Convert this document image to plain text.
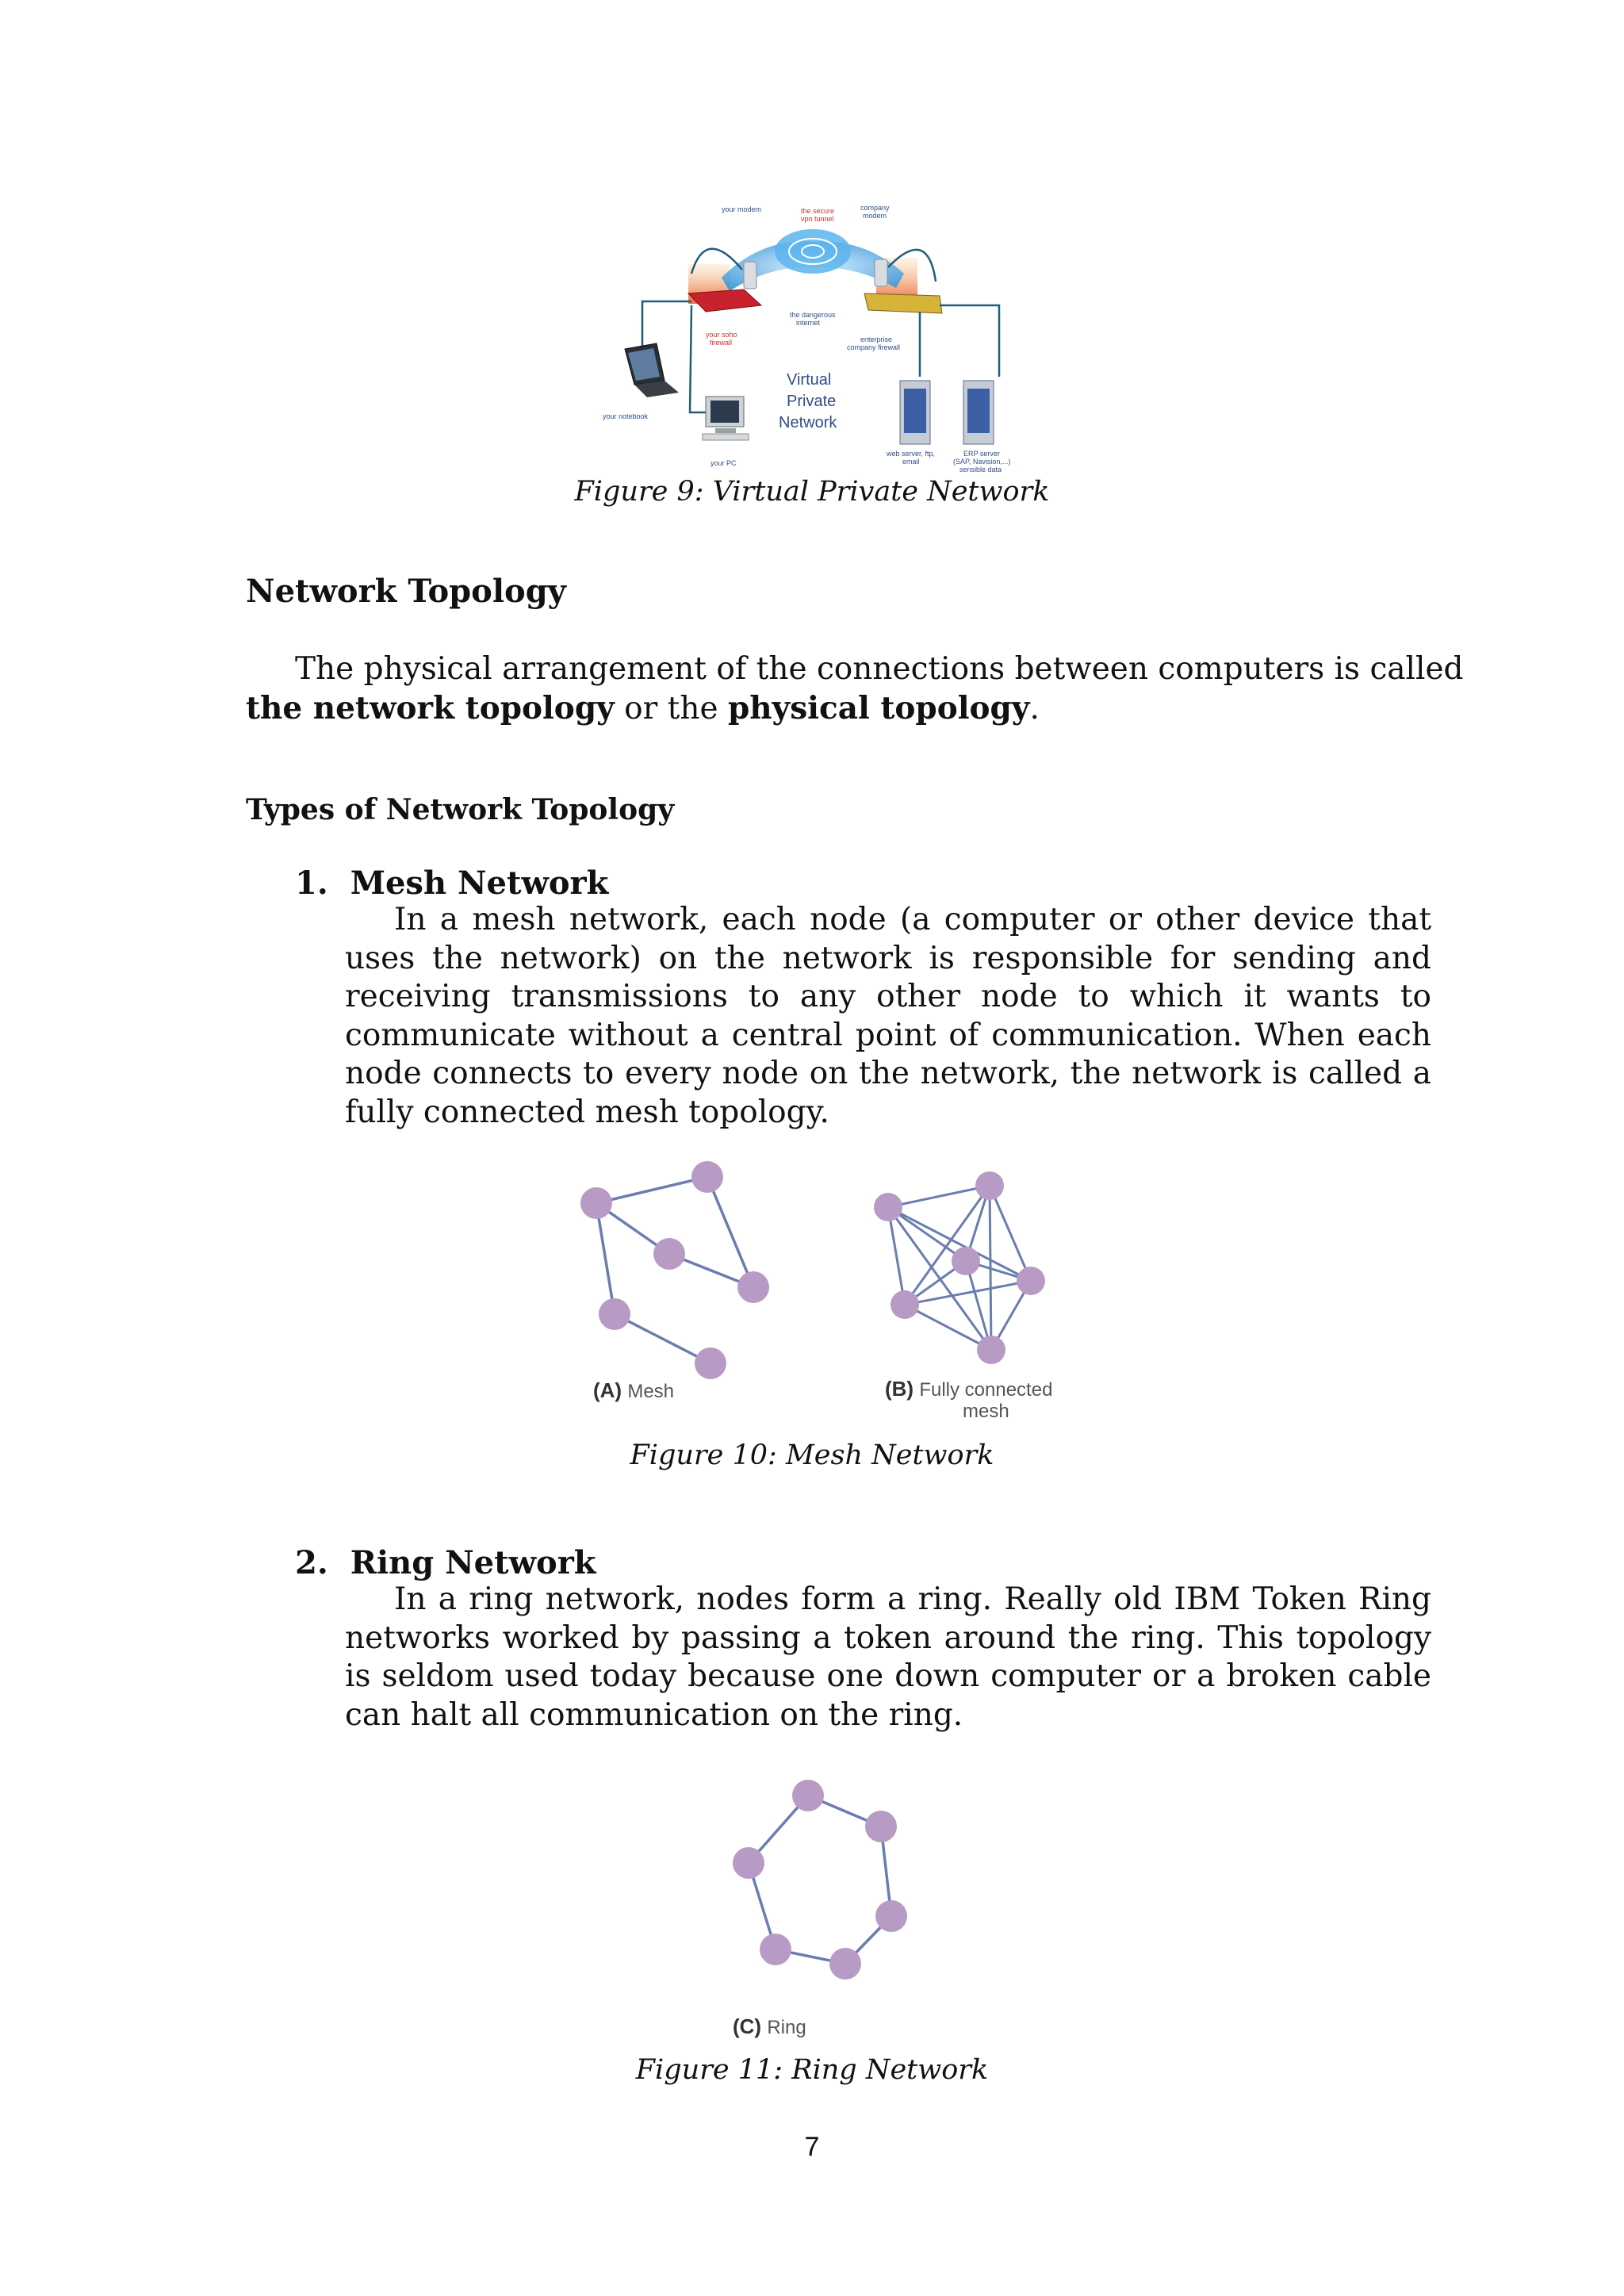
your modem	the secure
vpn tunnel
company
modem
your soho
firewall
the dangerous
internet
enterprise
company firewall
your notebook
your PC
web server, ftp,
email
ERP server
(SAP, Navision,...)
sensible data
Virtual
Private
Network
Figure 9: Virtual Private Network
Network Topology
The physical arrangement of the connections between computers is called
the network topology or the physical topology.
Types of Network Topology
1. Mesh Network
In a mesh network, each node (a computer or other device that
uses the network) on the network is responsible for sending and
receiving transmissions to any other node to which it wants to
communicate without a central point of communication. When each
node connects to every node on the network, the network is called a
fully connected mesh topology.
(A) Mesh	(B) Fully connected
mesh
Figure 10: Mesh Network
2. Ring Network
In a ring network, nodes form a ring. Really old IBM Token Ring
networks worked by passing a token around the ring. This topology
is seldom used today because one down computer or a broken cable
can halt all communication on the ring.
(C) Ring
Figure 11: Ring Network
7
